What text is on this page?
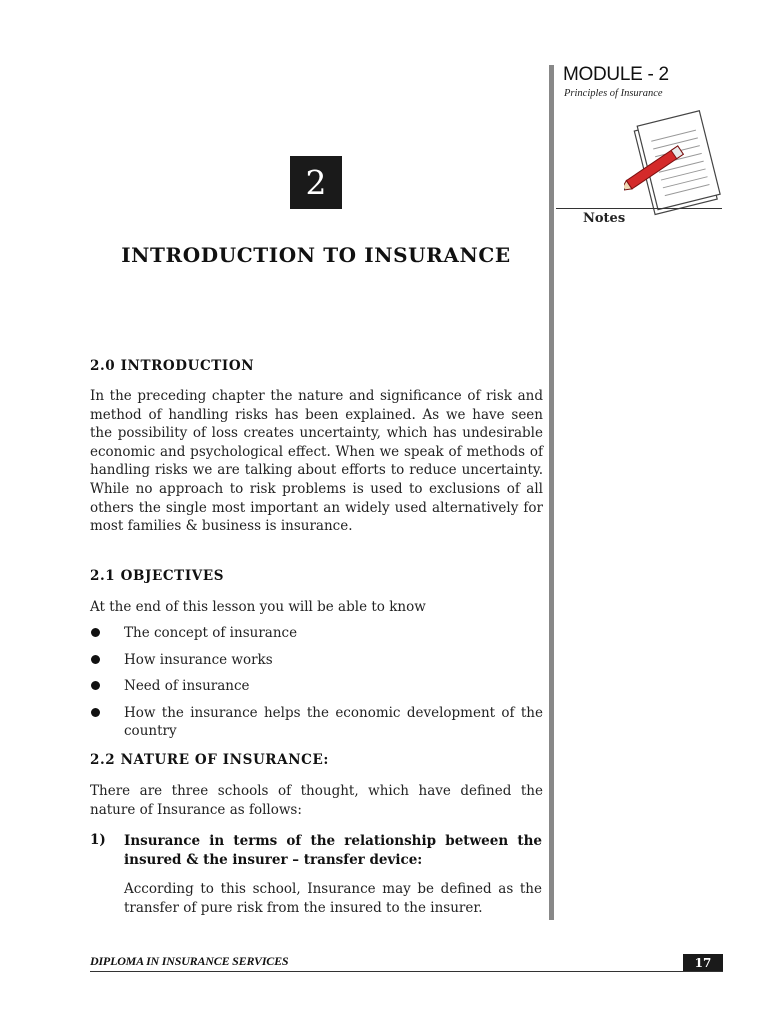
MODULE - 2
Principles of Insurance
Notes
2
INTRODUCTION TO INSURANCE
2.0 INTRODUCTION
In the preceding chapter the nature and significance of risk and method of handling risks has been explained. As we have seen the possibility of loss creates uncertainty, which has undesirable economic and psychological effect. When we speak of methods of handling risks we are talking about efforts to reduce uncertainty. While no approach to risk problems is used to exclusions of all others the single most important an widely used alternatively for most families & business is insurance.
2.1 OBJECTIVES
At the end of this lesson you will be able to know
The concept of insurance
How insurance works
Need of insurance
How the insurance helps the economic development of the country
2.2 NATURE OF INSURANCE:
There are three schools of thought, which have defined the nature of Insurance as follows:
1) Insurance in terms of the relationship between the insured & the insurer – transfer device:
According to this school, Insurance may be defined as the transfer of pure risk from the insured to the insurer.
DIPLOMA IN INSURANCE SERVICES	17
